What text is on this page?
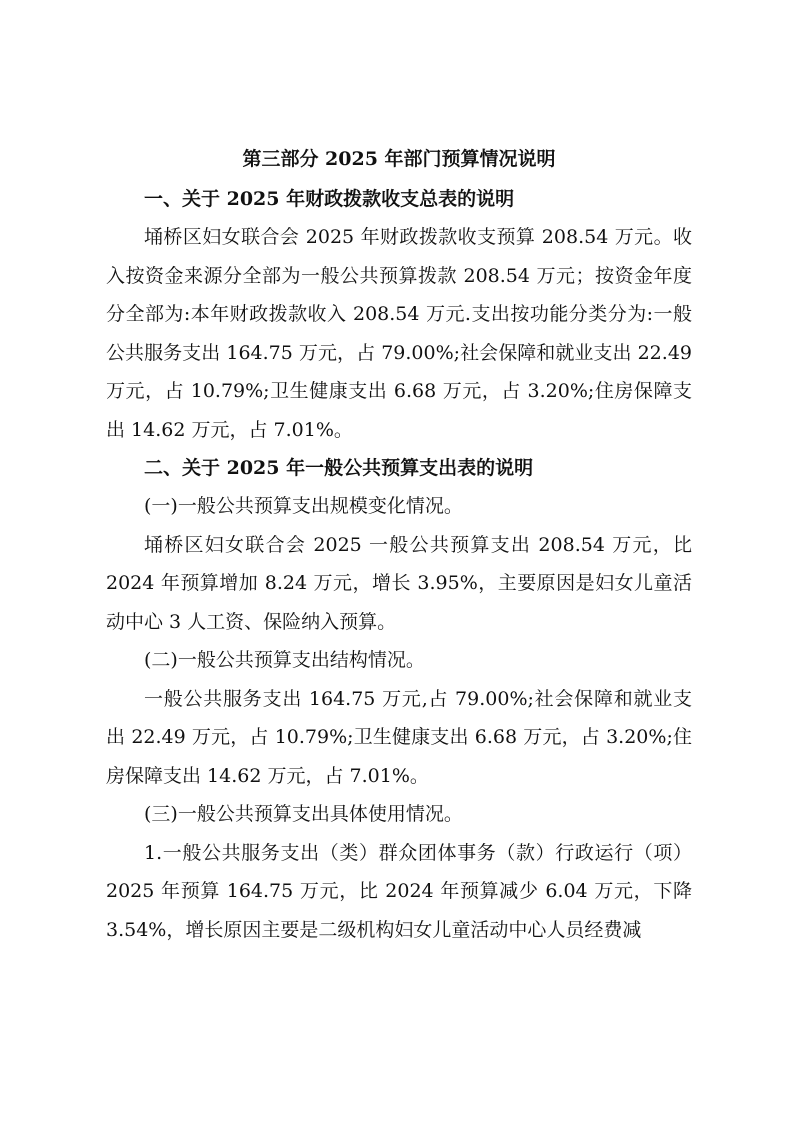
第三部分 2025 年部门预算情况说明
一、关于 2025 年财政拨款收支总表的说明

埇桥区妇女联合会 2025 年财政拨款收支预算 208.54 万元。收入按资金来源分全部为一般公共预算拨款 208.54 万元；按资金年度分全部为:本年财政拨款收入 208.54 万元.支出按功能分类分为:一般公共服务支出 164.75 万元，占 79.00%;社会保障和就业支出 22.49 万元，占 10.79%;卫生健康支出 6.68 万元，占 3.20%;住房保障支出 14.62 万元，占 7.01%。

二、关于 2025 年一般公共预算支出表的说明

(一)一般公共预算支出规模变化情况。

埇桥区妇女联合会 2025 一般公共预算支出 208.54 万元，比 2024 年预算增加 8.24 万元，增长 3.95%，主要原因是妇女儿童活动中心 3 人工资、保险纳入预算。

(二)一般公共预算支出结构情况。

一般公共服务支出 164.75 万元,占 79.00%;社会保障和就业支出 22.49 万元，占 10.79%;卫生健康支出 6.68 万元，占 3.20%;住房保障支出 14.62 万元，占 7.01%。

(三)一般公共预算支出具体使用情况。

1.一般公共服务支出（类）群众团体事务（款）行政运行（项）2025 年预算 164.75 万元，比 2024 年预算减少 6.04 万元，下降 3.54%，增长原因主要是二级机构妇女儿童活动中心人员经费减
